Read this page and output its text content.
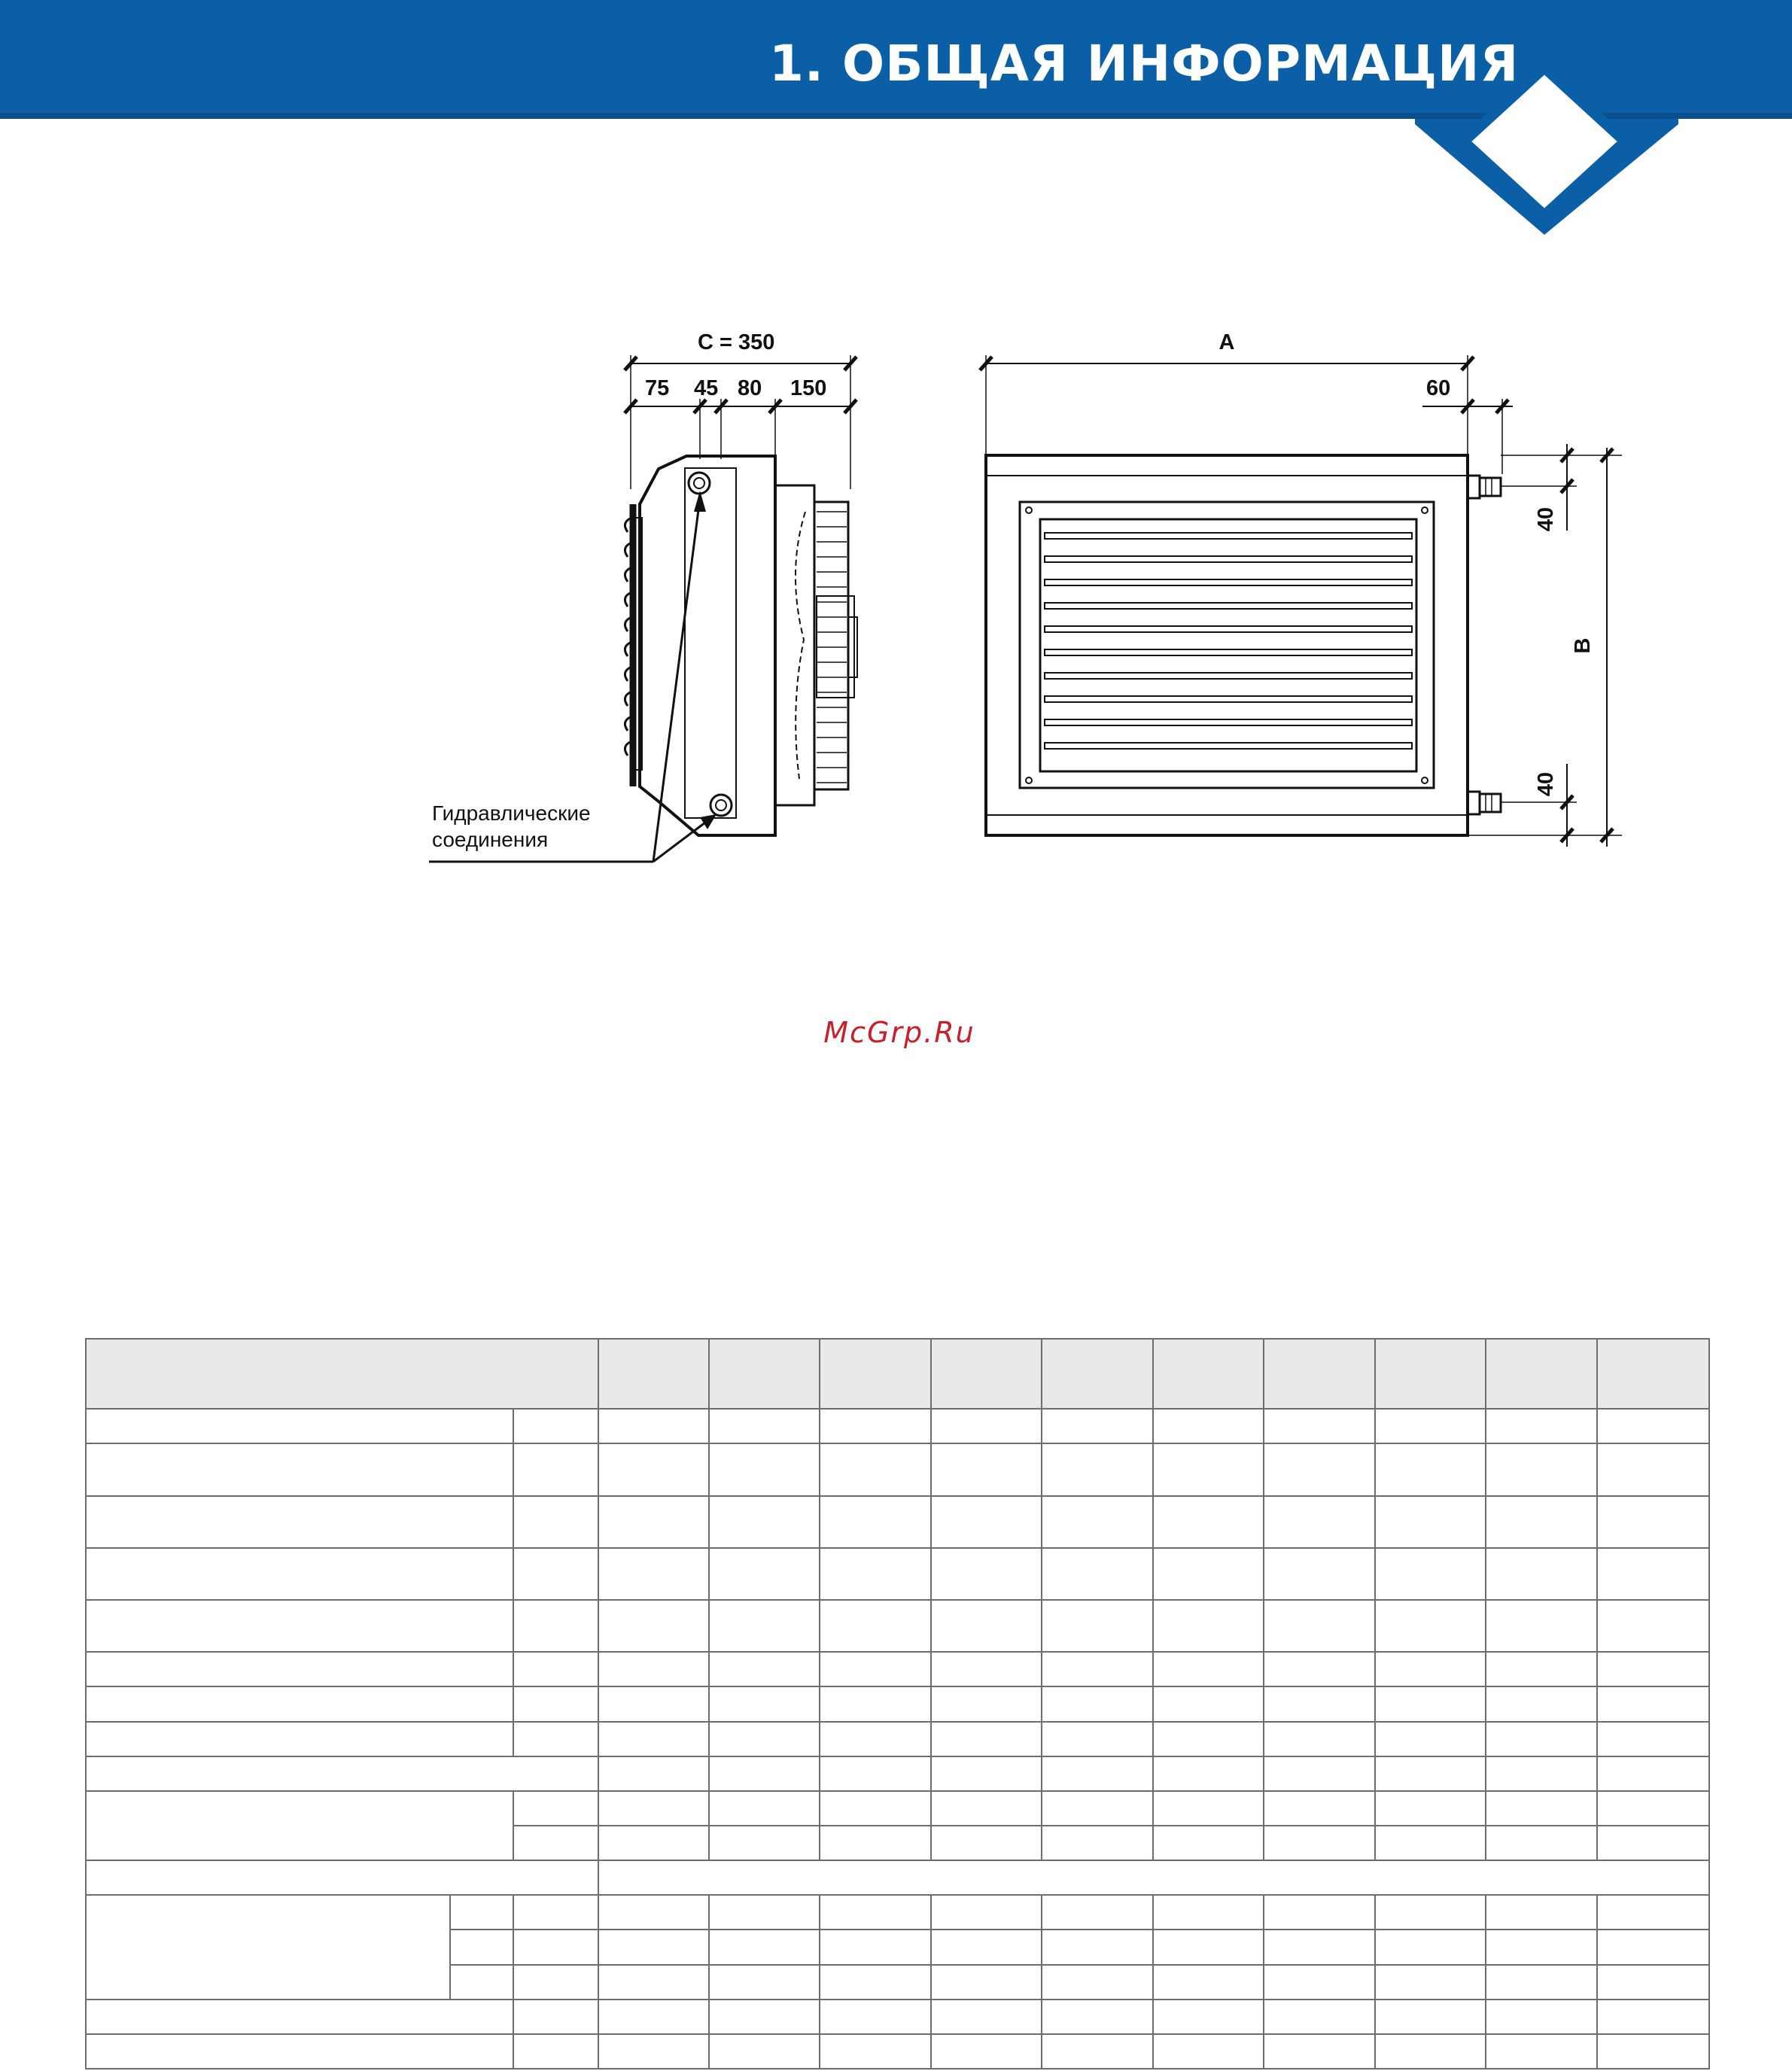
1. ОБЩАЯ ИНФОРМАЦИЯ
C = 350
75 45 80 150
Гидравлические соединения
A
60
40
40
B
McGrp.Ru
